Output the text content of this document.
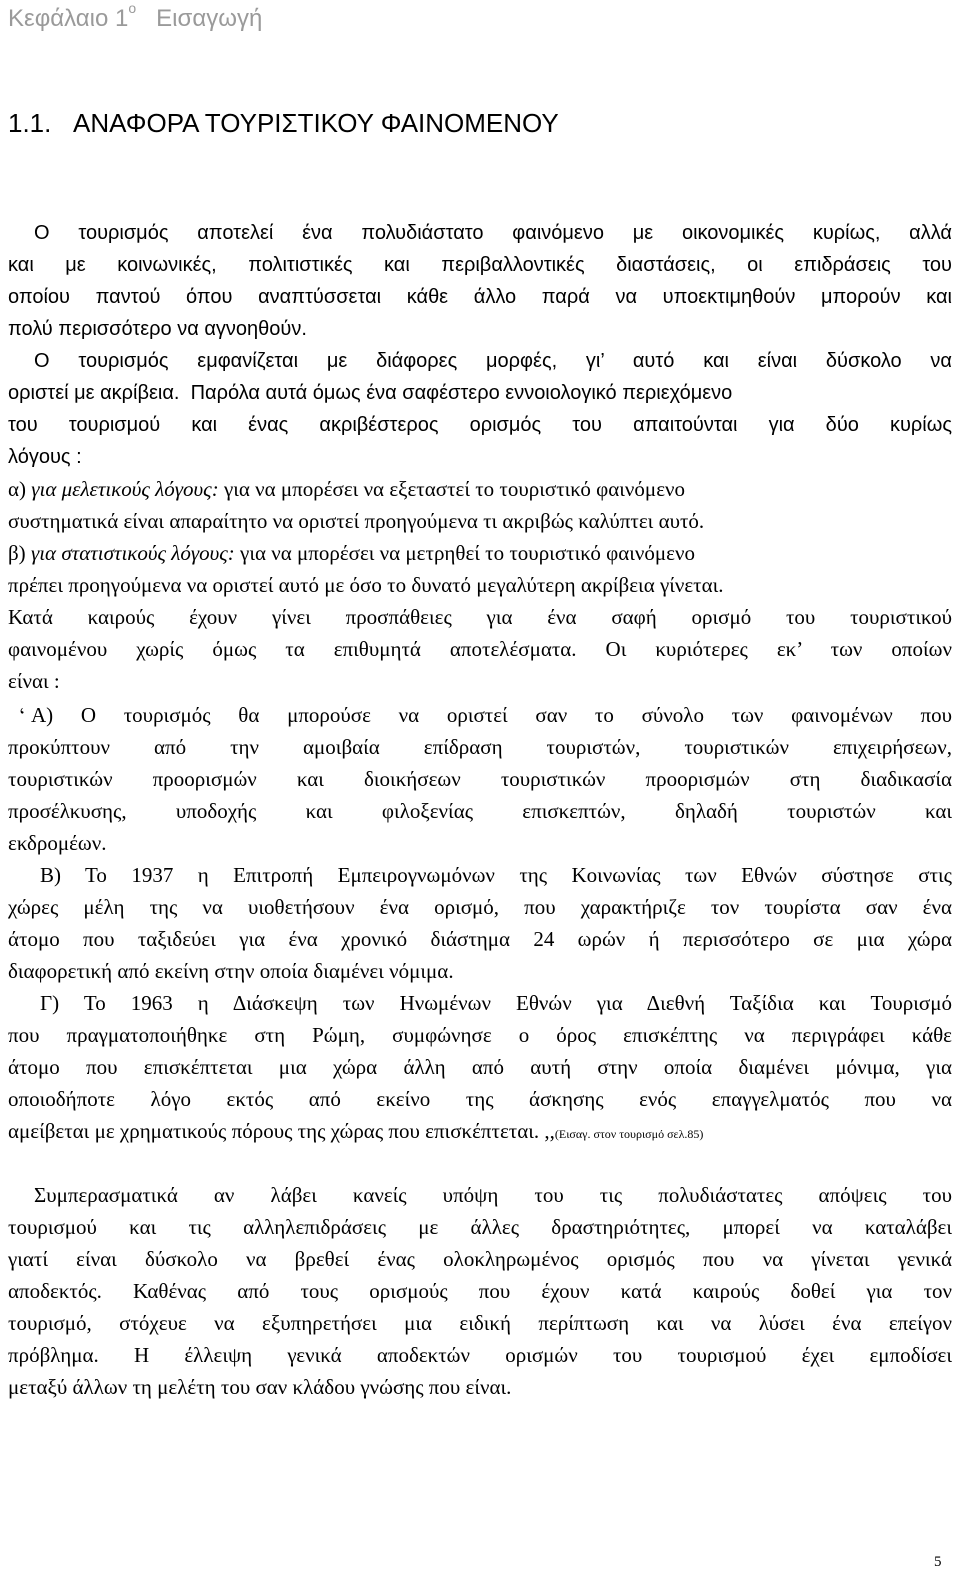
Κεφάλαιο $1^o$ Εισαγωγή
1.1. ΑΝΑΦΟΡΑ ΤΟΥΡΙΣΤΙΚΟΥ ΦΑΙΝΟΜΕΝΟΥ
Ο τουρισμός αποτελεί ένα πολυδιάστατο φαινόμενο με οικονομικές κυρίως, αλλά
και με κοινωνικές, πολιτιστικές και περιβαλλοντικές διαστάσεις, οι επιδράσεις του
οποίου παντού όπου αναπτύσσεται κάθε άλλο παρά να υποεκτιμηθούν μπορούν και
πολύ περισσότερο να αγνοηθούν.
Ο τουρισμός εμφανίζεται με διάφορες μορφές, γι’ αυτό και είναι δύσκολο να
οριστεί με ακρίβεια. Παρόλα αυτά όμως ένα σαφέστερο εννοιολογικό περιεχόμενο
του τουρισμού και ένας ακριβέστερος ορισμός του απαιτούνται για δύο κυρίως
λόγους :
α) για μελετικούς λόγους: για να μπορέσει να εξεταστεί το τουριστικό φαινόμενο
συστηματικά είναι απαραίτητο να οριστεί προηγούμενα τι ακριβώς καλύπτει αυτό.
β) για στατιστικούς λόγους: για να μπορέσει να μετρηθεί το τουριστικό φαινόμενο
πρέπει προηγούμενα να οριστεί αυτό με όσο το δυνατό μεγαλύτερη ακρίβεια γίνεται.
Κατά καιρούς έχουν γίνει προσπάθειες για ένα σαφή ορισμό του τουριστικού
φαινομένου χωρίς όμως τα επιθυμητά αποτελέσματα. Οι κυριότερες εκ’ των οποίων
είναι :
‘Α) Ο τουρισμός θα μπορούσε να οριστεί σαν το σύνολο των φαινομένων που
προκύπτουν από την αμοιβαία επίδραση τουριστών, τουριστικών επιχειρήσεων,
τουριστικών προορισμών και διοικήσεων τουριστικών προορισμών στη διαδικασία
προσέλκυσης, υποδοχής και φιλοξενίας επισκεπτών, δηλαδή τουριστών και
εκδρομέων.
Β) Το 1937 η Επιτροπή Εμπειρογνωμόνων της Κοινωνίας των Εθνών σύστησε στις
χώρες μέλη της να υιοθετήσουν ένα ορισμό, που χαρακτήριζε τον τουρίστα σαν ένα
άτομο που ταξιδεύει για ένα χρονικό διάστημα 24 ωρών ή περισσότερο σε μια χώρα
διαφορετική από εκείνη στην οποία διαμένει νόμιμα.
Γ) Το 1963 η Διάσκεψη των Ηνωμένων Εθνών για Διεθνή Ταξίδια και Τουρισμό
που πραγματοποιήθηκε στη Ρώμη, συμφώνησε ο όρος επισκέπτης να περιγράφει κάθε
άτομο που επισκέπτεται μια χώρα άλλη από αυτή στην οποία διαμένει μόνιμα, για
οποιοδήποτε λόγο εκτός από εκείνο της άσκησης ενός επαγγελματός που να
αμείβεται με χρηματικούς πόρους της χώρας που επισκέπτεται. ,,(Εισαγ. στον τουρισμό σελ.85)
Συμπερασματικά αν λάβει κανείς υπόψη του τις πολυδιάστατες απόψεις του
τουρισμού και τις αλληλεπιδράσεις με άλλες δραστηριότητες, μπορεί να καταλάβει
γιατί είναι δύσκολο να βρεθεί ένας ολοκληρωμένος ορισμός που να γίνεται γενικά
αποδεκτός. Καθένας από τους ορισμούς που έχουν κατά καιρούς δοθεί για τον
τουρισμό, στόχευε να εξυπηρετήσει μια ειδική περίπτωση και να λύσει ένα επείγον
πρόβλημα. Η έλλειψη γενικά αποδεκτών ορισμών του τουρισμού έχει εμποδίσει
μεταξύ άλλων τη μελέτη του σαν κλάδου γνώσης που είναι.
5
